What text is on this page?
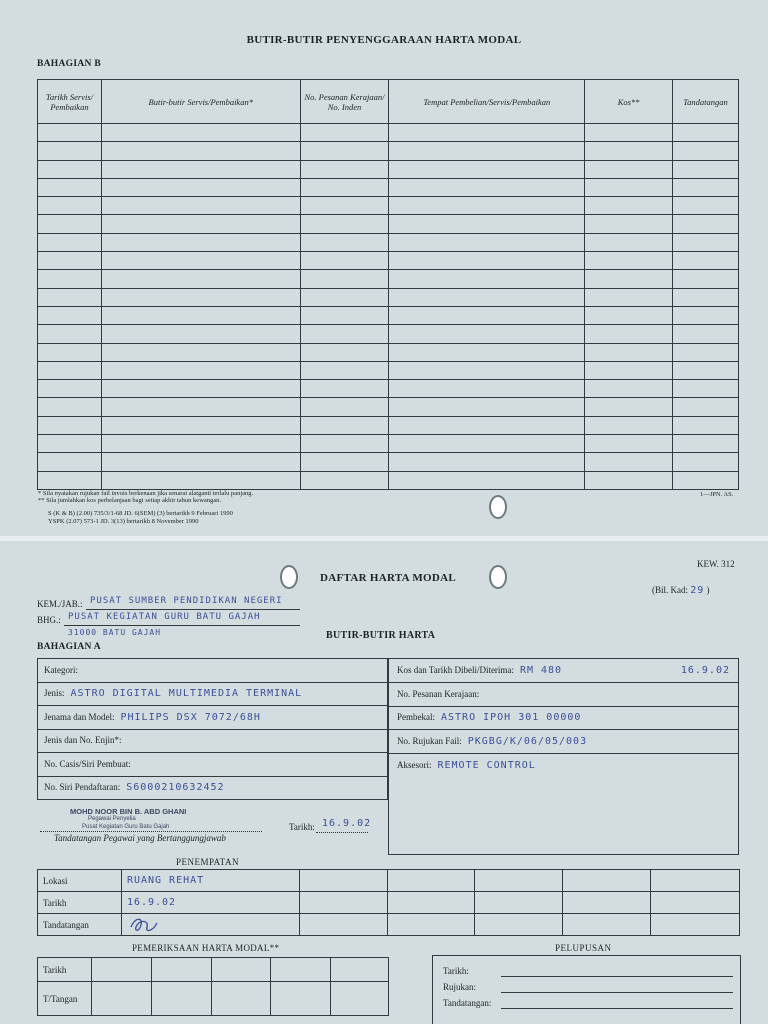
BUTIR-BUTIR PENYENGGARAAN HARTA MODAL
BAHAGIAN B
Tarikh Servis/ Pembaikan	Butir-butir Servis/Pembaikan*	No. Pesanan Kerajaan/ No. Inden	Tempat Pembelian/Servis/Pembaikan	Kos**	Tandatangan

* Sila nyatakan rujukan fail invois berkenaan jika senarai alatganti terlalu panjang.
** Sila jumlahkan kos perbelanjaan bagi setiap akhir tahun kewangan.
S (K & B) (2.00) 735/3/1-68 JD. 6(SEM) (3) bertarikh 9 Februari 1990
YSPK (2.07) 573-1 JD. 3(13) bertarikh 8 November 1990
1—JPN. AS.
KEW. 312
DAFTAR HARTA MODAL
(Bil. Kad: 29 )
KEM./JAB.: PUSAT SUMBER PENDIDIKAN NEGERI
BHG.: PUSAT KEGIATAN GURU BATU GAJAH
31000 BATU GAJAH	BUTIR-BUTIR HARTA
BAHAGIAN A
Kategori:
Jenis: ASTRO DIGITAL MULTIMEDIA TERMINAL
Jenama dan Model: PHILIPS DSX 7072/68H
Jenis dan No. Enjin*:
No. Casis/Siri Pembuat:
No. Siri Pendaftaran: S6000210632452
Kos dan Tarikh Dibeli/Diterima: RM 480	16.9.02

No. Pesanan Kerajaan:
Pembekal: ASTRO IPOH 301 00000
No. Rujukan Fail: PKGBG/K/06/05/003
Aksesori: REMOTE CONTROL
MOHD NOOR BIN B. ABD GHANI
Pegawai Penyelia
Pusat Kegiatan Guru Batu Gajah
Tandatangan Pegawai yang Bertanggungjawab
Tarikh: 16.9.02
PENEMPATAN
Lokasi	RUANG REHAT					
Tarikh	16.9.02					
Tandatangan						
PEMERIKSAAN HARTA MODAL**
Tarikh					
T/Tangan					
PELUPUSAN
Tarikh:
Rujukan:
Tandatangan:
